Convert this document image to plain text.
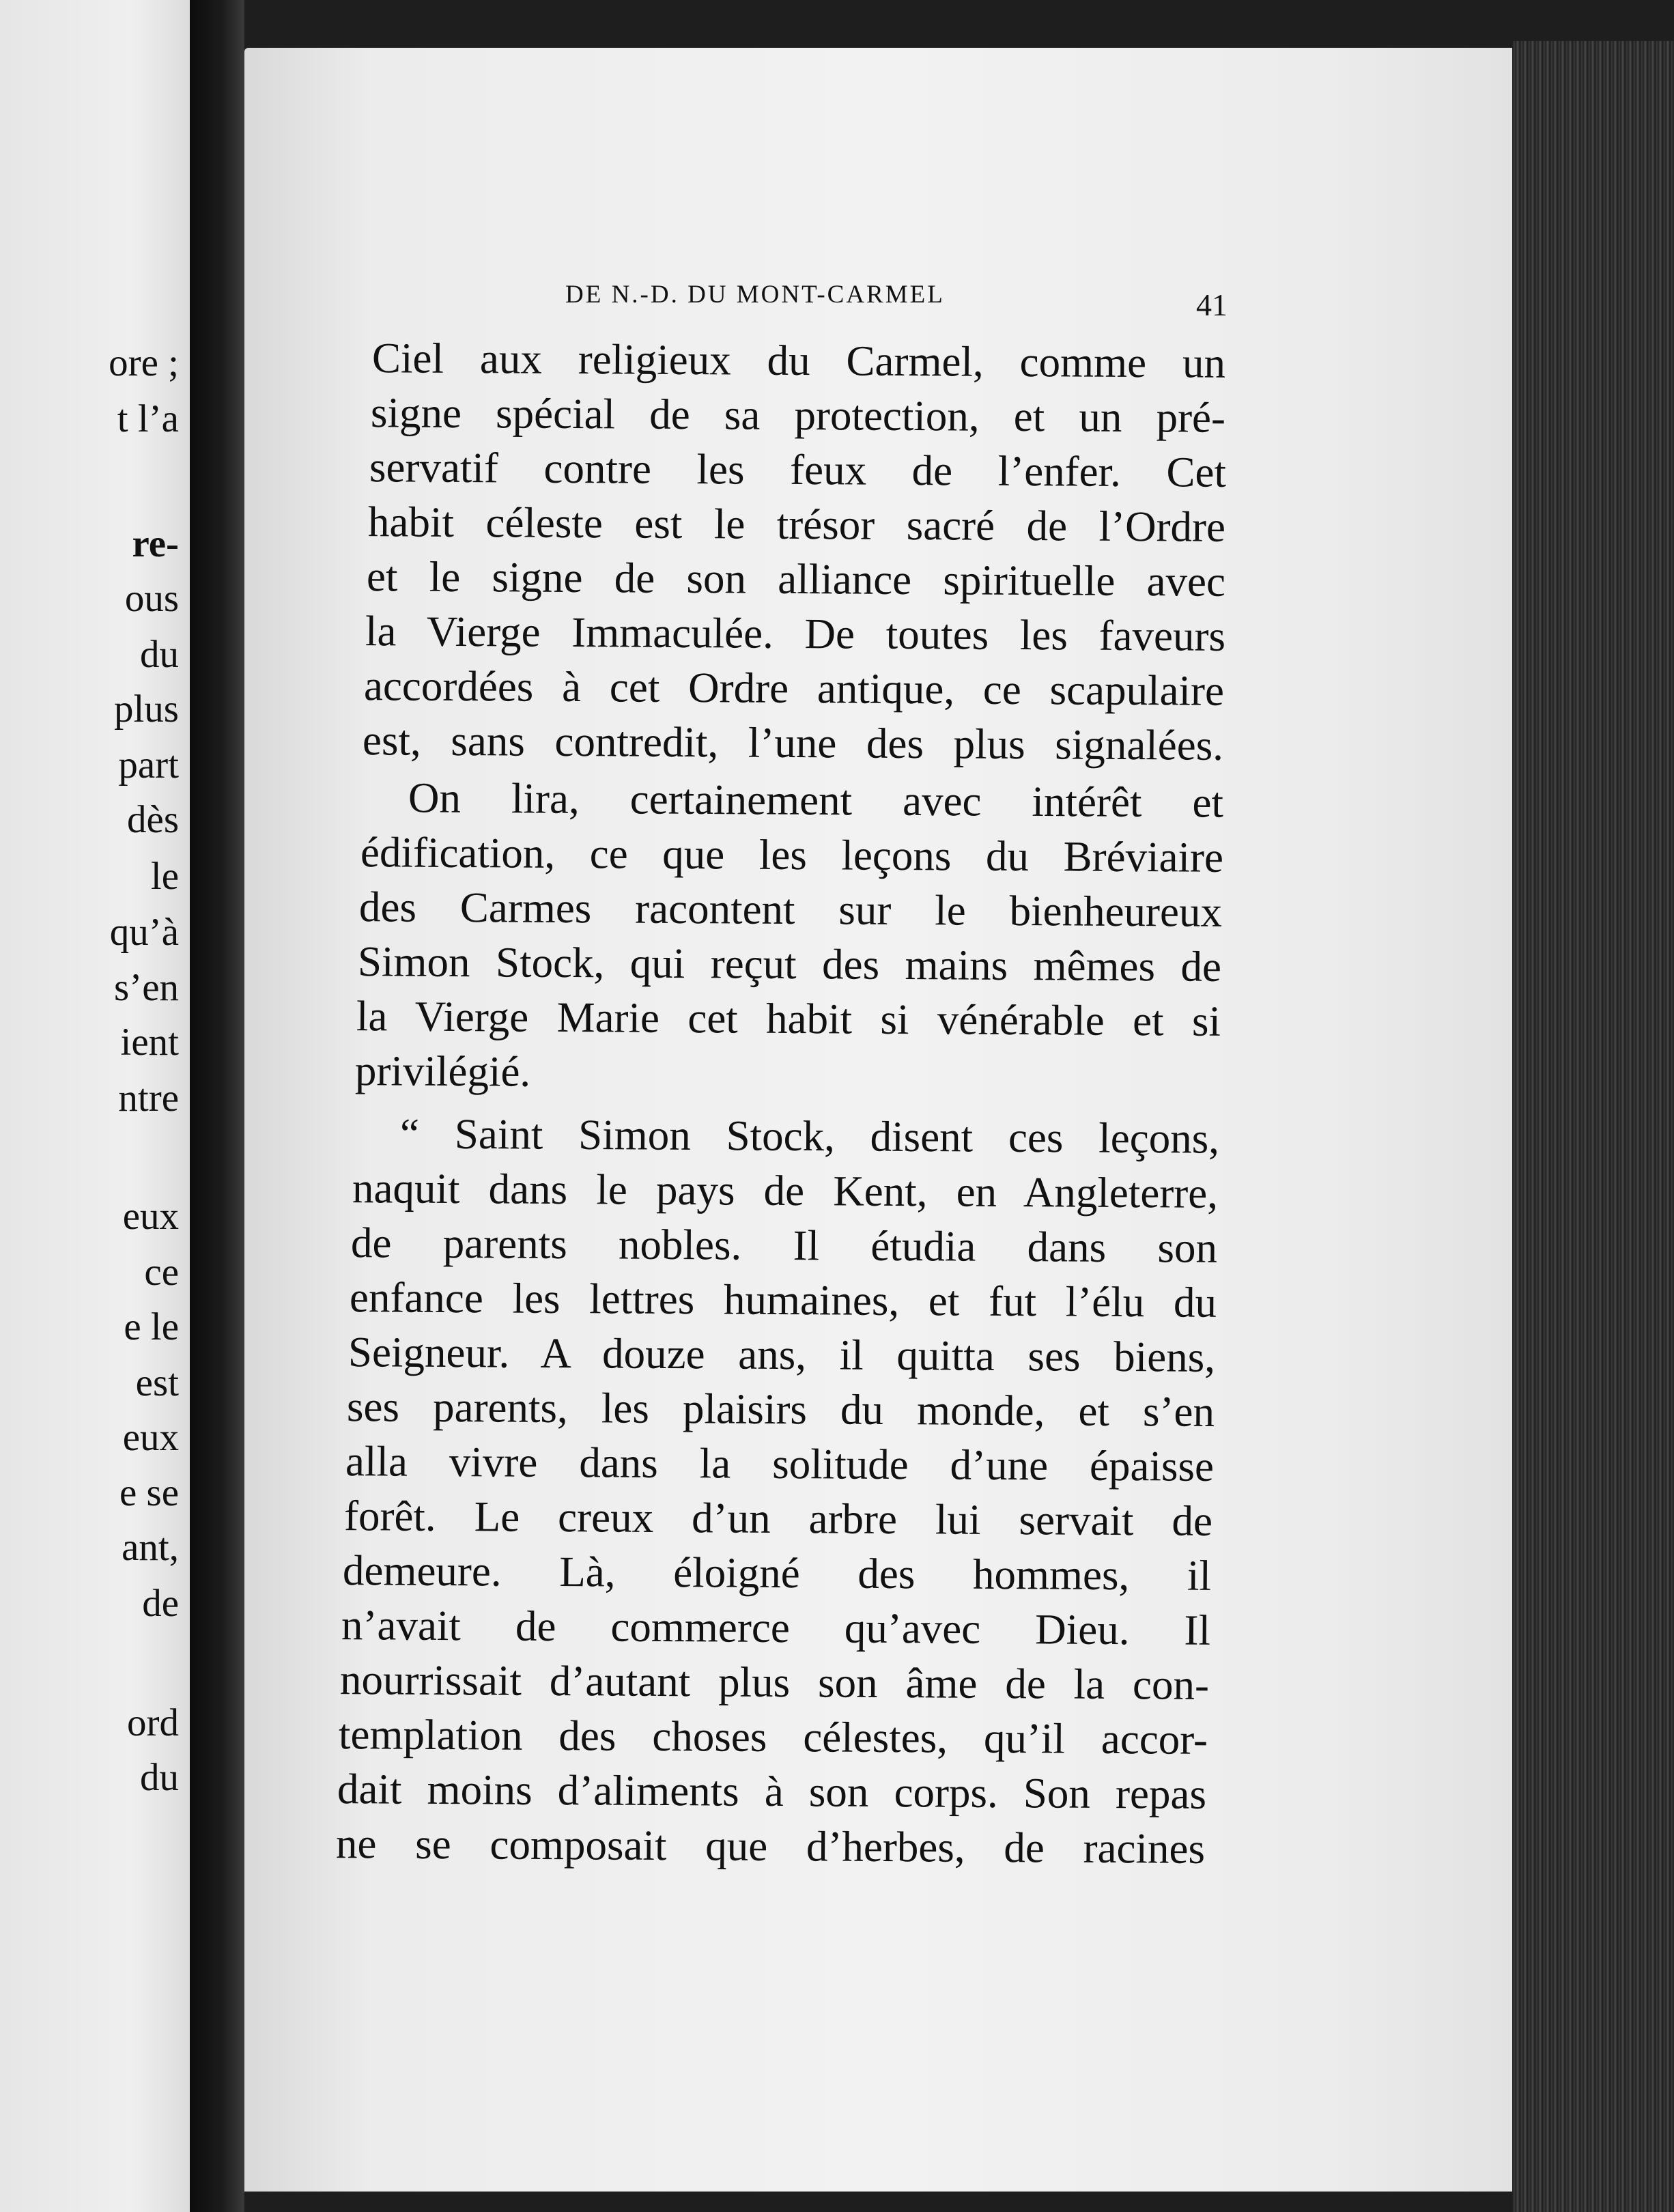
ore ;

t l’a

re-

ous

du

plus

part

dès

le

qu’à

s’en

ient

ntre

eux

ce

e le

est

eux

e se

ant,

de

ord

du

DE N.-D. DU MONT-CARMEL	41

Ciel aux religieux du Carmel, comme un

signe spécial de sa protection, et un pré-

servatif contre les feux de l’enfer. Cet

habit céleste est le trésor sacré de l’Ordre

et le signe de son alliance spirituelle avec

la Vierge Immaculée. De toutes les faveurs

accordées à cet Ordre antique, ce scapulaire

est, sans contredit, l’une des plus signalées.

On lira, certainement avec intérêt et

édification, ce que les leçons du Bréviaire

des Carmes racontent sur le bienheureux

Simon Stock, qui reçut des mains mêmes de

la Vierge Marie cet habit si vénérable et si

privilégié.

“ Saint Simon Stock, disent ces leçons,

naquit dans le pays de Kent, en Angleterre,

de parents nobles. Il étudia dans son

enfance les lettres humaines, et fut l’élu du

Seigneur. A douze ans, il quitta ses biens,

ses parents, les plaisirs du monde, et s’en

alla vivre dans la solitude d’une épaisse

forêt. Le creux d’un arbre lui servait de

demeure. Là, éloigné des hommes, il

n’avait de commerce qu’avec Dieu. Il

nourrissait d’autant plus son âme de la con-

templation des choses célestes, qu’il accor-

dait moins d’aliments à son corps. Son repas

ne se composait que d’herbes, de racines
